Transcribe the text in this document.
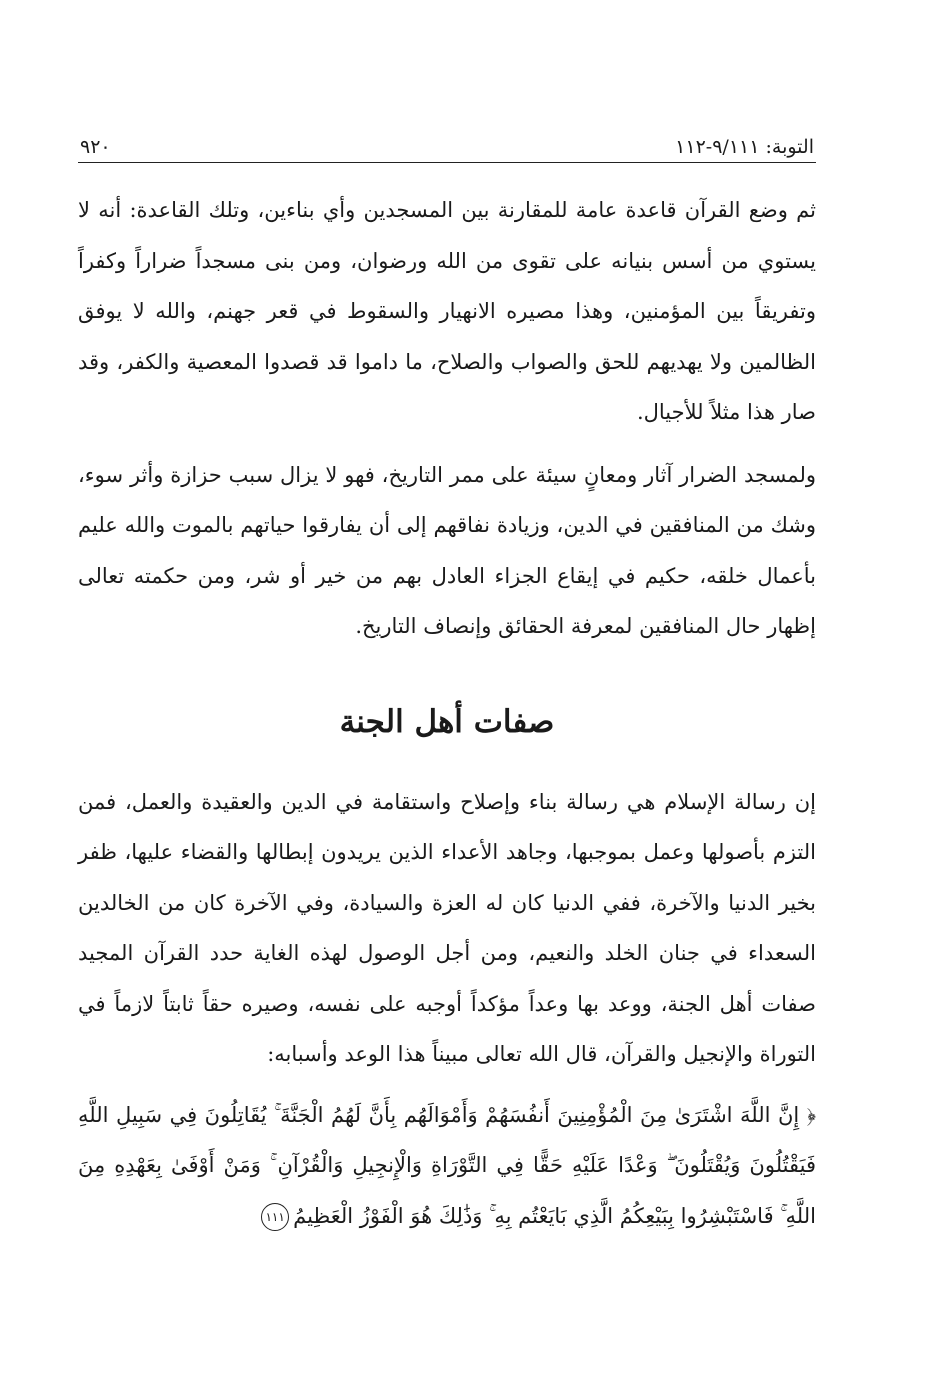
التوبة: ٩/١١١-١١٢
٩٢٠

ثم وضع القرآن قاعدة عامة للمقارنة بين المسجدين وأي بناءين، وتلك القاعدة: أنه لا يستوي من أسس بنيانه على تقوى من الله ورضوان، ومن بنى مسجداً ضراراً وكفراً وتفريقاً بين المؤمنين، وهذا مصيره الانهيار والسقوط في قعر جهنم، والله لا يوفق الظالمين ولا يهديهم للحق والصواب والصلاح، ما داموا قد قصدوا المعصية والكفر، وقد صار هذا مثلاً للأجيال.

ولمسجد الضرار آثار ومعانٍ سيئة على ممر التاريخ، فهو لا يزال سبب حزازة وأثر سوء، وشك من المنافقين في الدين، وزيادة نفاقهم إلى أن يفارقوا حياتهم بالموت والله عليم بأعمال خلقه، حكيم في إيقاع الجزاء العادل بهم من خير أو شر، ومن حكمته تعالى إظهار حال المنافقين لمعرفة الحقائق وإنصاف التاريخ.

صفات أهل الجنة

إن رسالة الإسلام هي رسالة بناء وإصلاح واستقامة في الدين والعقيدة والعمل، فمن التزم بأصولها وعمل بموجبها، وجاهد الأعداء الذين يريدون إبطالها والقضاء عليها، ظفر بخير الدنيا والآخرة، ففي الدنيا كان له العزة والسيادة، وفي الآخرة كان من الخالدين السعداء في جنان الخلد والنعيم، ومن أجل الوصول لهذه الغاية حدد القرآن المجيد صفات أهل الجنة، ووعد بها وعداً مؤكداً أوجبه على نفسه، وصيره حقاً ثابتاً لازماً في التوراة والإنجيل والقرآن، قال الله تعالى مبيناً هذا الوعد وأسبابه:

﴿ إِنَّ اللَّهَ اشْتَرَىٰ مِنَ الْمُؤْمِنِينَ أَنفُسَهُمْ وَأَمْوَالَهُم بِأَنَّ لَهُمُ الْجَنَّةَ ۚ يُقَاتِلُونَ فِي سَبِيلِ اللَّهِ فَيَقْتُلُونَ وَيُقْتَلُونَ ۖ وَعْدًا عَلَيْهِ حَقًّا فِي التَّوْرَاةِ وَالْإِنجِيلِ وَالْقُرْآنِ ۚ وَمَنْ أَوْفَىٰ بِعَهْدِهِ مِنَ اللَّهِ ۚ فَاسْتَبْشِرُوا بِبَيْعِكُمُ الَّذِي بَايَعْتُم بِهِ ۚ وَذَٰلِكَ هُوَ الْفَوْزُ الْعَظِيمُ١١١
